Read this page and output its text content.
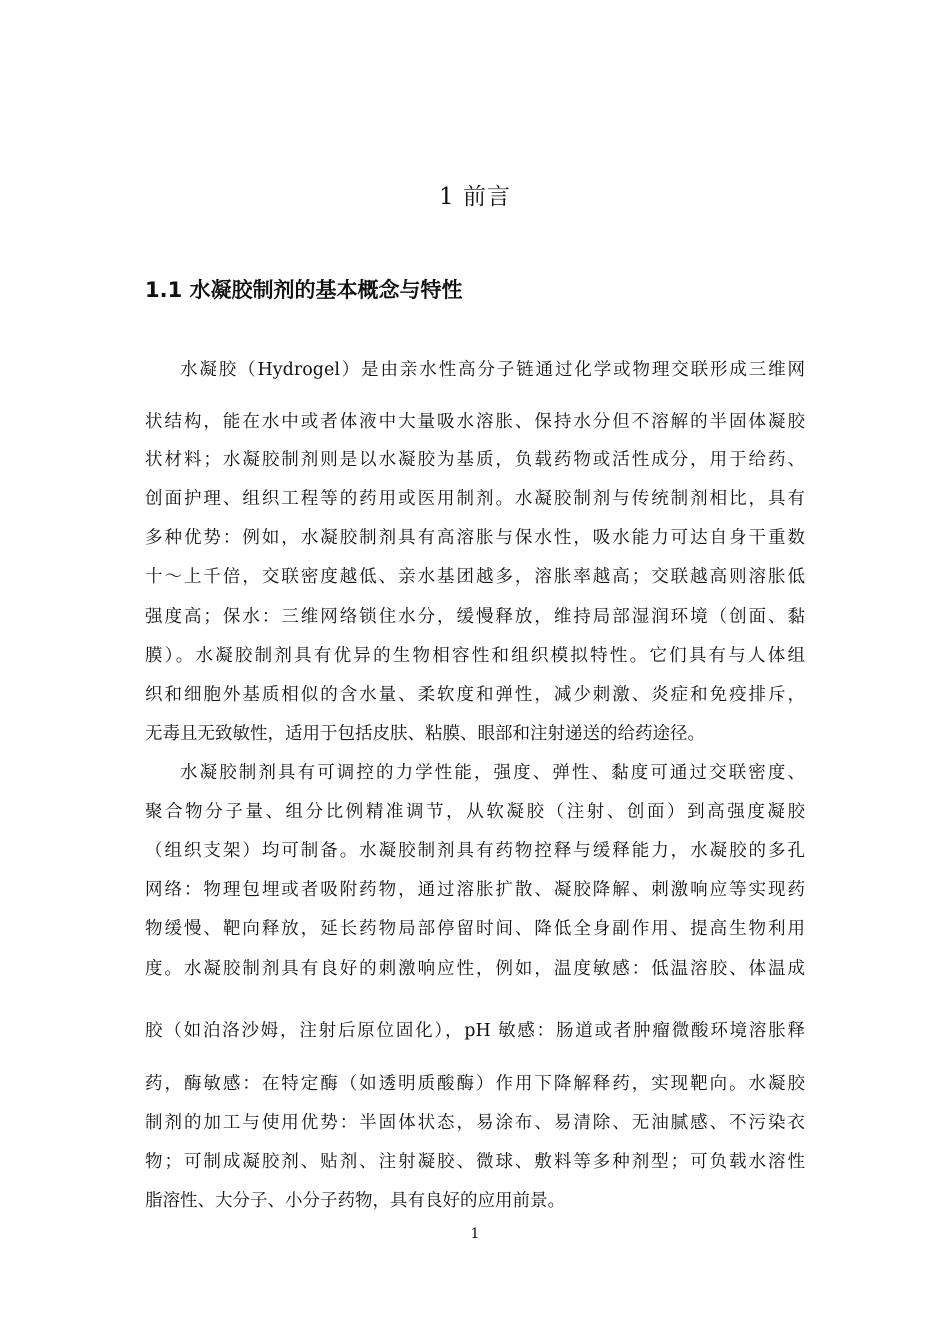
1 前言
1.1 水凝胶制剂的基本概念与特性
水凝胶（Hydrogel）是由亲水性高分子链通过化学或物理交联形成三维网
状结构，能在水中或者体液中大量吸水溶胀、保持水分但不溶解的半固体凝胶
状材料；水凝胶制剂则是以水凝胶为基质，负载药物或活性成分，用于给药、
创面护理、组织工程等的药用或医用制剂。水凝胶制剂与传统制剂相比，具有
多种优势：例如，水凝胶制剂具有高溶胀与保水性，吸水能力可达自身干重数
十～上千倍，交联密度越低、亲水基团越多，溶胀率越高；交联越高则溶胀低
强度高；保水：三维网络锁住水分，缓慢释放，维持局部湿润环境（创面、黏
膜）。水凝胶制剂具有优异的生物相容性和组织模拟特性。它们具有与人体组
织和细胞外基质相似的含水量、柔软度和弹性，减少刺激、炎症和免疫排斥，
无毒且无致敏性，适用于包括皮肤、粘膜、眼部和注射递送的给药途径。
水凝胶制剂具有可调控的力学性能，强度、弹性、黏度可通过交联密度、
聚合物分子量、组分比例精准调节，从软凝胶（注射、创面）到高强度凝胶
（组织支架）均可制备。水凝胶制剂具有药物控释与缓释能力，水凝胶的多孔
网络：物理包埋或者吸附药物，通过溶胀扩散、凝胶降解、刺激响应等实现药
物缓慢、靶向释放，延长药物局部停留时间、降低全身副作用、提高生物利用
度。水凝胶制剂具有良好的刺激响应性，例如，温度敏感：低温溶胶、体温成
胶（如泊洛沙姆，注射后原位固化），pH 敏感：肠道或者肿瘤微酸环境溶胀释
药，酶敏感：在特定酶（如透明质酸酶）作用下降解释药，实现靶向。水凝胶
制剂的加工与使用优势：半固体状态，易涂布、易清除、无油腻感、不污染衣
物；可制成凝胶剂、贴剂、注射凝胶、微球、敷料等多种剂型；可负载水溶性
脂溶性、大分子、小分子药物，具有良好的应用前景。
1
